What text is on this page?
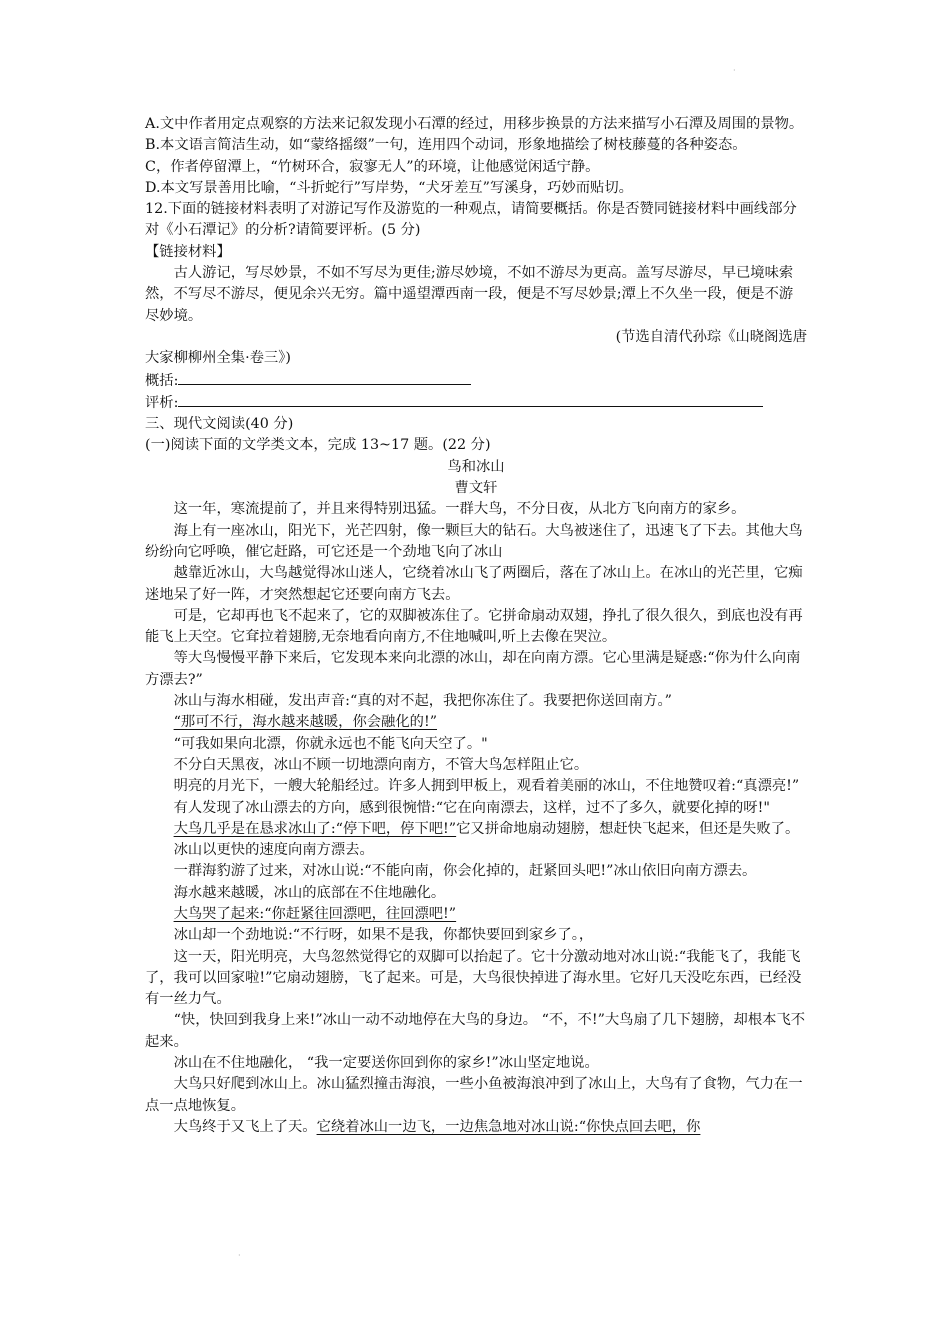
·
·

A.文中作者用定点观察的方法来记叙发现小石潭的经过，用移步换景的方法来描写小石潭及周围的景物。

B.本文语言简洁生动，如“蒙络摇缀”一句，连用四个动词，形象地描绘了树枝藤蔓的各种姿态。

C，作者停留潭上，“竹树环合，寂寥无人”的环境，让他感觉闲适宁静。

D.本文写景善用比喻，“斗折蛇行”写岸势，“犬牙差互”写溪身，巧妙而贴切。

12.下面的链接材料表明了对游记写作及游览的一种观点，请简要概括。你是否赞同链接材料中画线部分对《小石潭记》的分析?请简要评析。(5 分)

【链接材料】

古人游记，写尽妙景，不如不写尽为更佳;游尽妙境，不如不游尽为更高。盖写尽游尽，早已境味索然，不写尽不游尽，便见余兴无穷。篇中遥望潭西南一段，便是不写尽妙景;潭上不久坐一段，便是不游尽妙境。

(节选自清代孙琮《山晓阁选唐

大家柳柳州全集·卷三》)

概括:

评析:

三、现代文阅读(40 分)

(一)阅读下面的文学类文本，完成 13~17 题。(22 分)

鸟和冰山

曹文轩

这一年，寒流提前了，并且来得特别迅猛。一群大鸟，不分日夜，从北方飞向南方的家乡。

海上有一座冰山，阳光下，光芒四射，像一颗巨大的钻石。大鸟被迷住了，迅速飞了下去。其他大鸟纷纷向它呼唤，催它赶路，可它还是一个劲地飞向了冰山

越靠近冰山，大鸟越觉得冰山迷人，它绕着冰山飞了两圈后，落在了冰山上。在冰山的光芒里，它痴迷地呆了好一阵，才突然想起它还要向南方飞去。

可是，它却再也飞不起来了，它的双脚被冻住了。它拼命扇动双翅，挣扎了很久很久，到底也没有再能飞上天空。它耷拉着翅膀,无奈地看向南方,不住地喊叫,听上去像在哭泣。

等大鸟慢慢平静下来后，它发现本来向北漂的冰山，却在向南方漂。它心里满是疑惑:“你为什么向南方漂去?”

冰山与海水相碰，发出声音:“真的对不起，我把你冻住了。我要把你送回南方。”

“那可不行，海水越来越暖，你会融化的!”

“可我如果向北漂，你就永远也不能飞向天空了。"

不分白天黑夜，冰山不顾一切地漂向南方，不管大鸟怎样阻止它。

明亮的月光下，一艘大轮船经过。许多人拥到甲板上，观看着美丽的冰山，不住地赞叹着:“真漂亮!”

有人发现了冰山漂去的方向，感到很惋惜:“它在向南漂去，这样，过不了多久，就要化掉的呀!"

大鸟几乎是在恳求冰山了:“停下吧，停下吧!”它又拼命地扇动翅膀，想赶快飞起来，但还是失败了。

冰山以更快的速度向南方漂去。

一群海豹游了过来，对冰山说:“不能向南，你会化掉的，赶紧回头吧!”冰山依旧向南方漂去。

海水越来越暖，冰山的底部在不住地融化。

大鸟哭了起来:“你赶紧往回漂吧，往回漂吧!”

冰山却一个劲地说:“不行呀，如果不是我，你都快要回到家乡了。，

这一天，阳光明亮，大鸟忽然觉得它的双脚可以抬起了。它十分激动地对冰山说:“我能飞了，我能飞了，我可以回家啦!”它扇动翅膀，飞了起来。可是，大鸟很快掉进了海水里。它好几天没吃东西，已经没有一丝力气。

“快，快回到我身上来!”冰山一动不动地停在大鸟的身边。 “不，不!”大鸟扇了几下翅膀，却根本飞不起来。

冰山在不住地融化， “我一定要送你回到你的家乡!”冰山坚定地说。

大鸟只好爬到冰山上。冰山猛烈撞击海浪，一些小鱼被海浪冲到了冰山上，大鸟有了食物，气力在一点一点地恢复。

大鸟终于又飞上了天。它绕着冰山一边飞，一边焦急地对冰山说:“你快点回去吧，你
